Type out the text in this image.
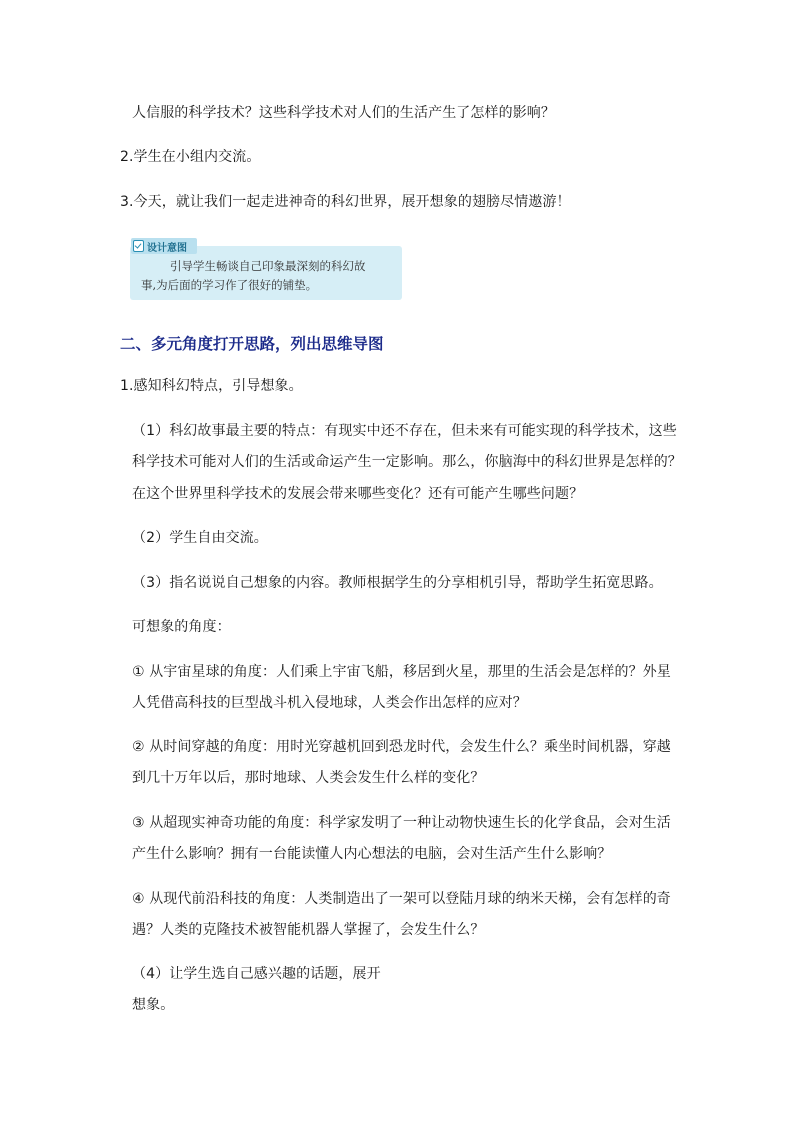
人信服的科学技术？这些科学技术对人们的生活产生了怎样的影响？
2.学生在小组内交流。
3.今天，就让我们一起走进神奇的科幻世界，展开想象的翅膀尽情遨游！
设计意图
引导学生畅谈自己印象最深刻的科幻故
事,为后面的学习作了很好的铺垫。
二、多元角度打开思路，列出思维导图
1.感知科幻特点，引导想象。
（1）科幻故事最主要的特点：有现实中还不存在，但未来有可能实现的科学技术，这些
科学技术可能对人们的生活或命运产生一定影响。那么，你脑海中的科幻世界是怎样的？
在这个世界里科学技术的发展会带来哪些变化？还有可能产生哪些问题？
（2）学生自由交流。
（3）指名说说自己想象的内容。教师根据学生的分享相机引导，帮助学生拓宽思路。
可想象的角度：
① 从宇宙星球的角度：人们乘上宇宙飞船，移居到火星，那里的生活会是怎样的？外星
人凭借高科技的巨型战斗机入侵地球，人类会作出怎样的应对？
② 从时间穿越的角度：用时光穿越机回到恐龙时代，会发生什么？乘坐时间机器，穿越
到几十万年以后，那时地球、人类会发生什么样的变化？
③ 从超现实神奇功能的角度：科学家发明了一种让动物快速生长的化学食品，会对生活
产生什么影响？拥有一台能读懂人内心想法的电脑，会对生活产生什么影响？
④ 从现代前沿科技的角度：人类制造出了一架可以登陆月球的纳米天梯，会有怎样的奇
遇？人类的克隆技术被智能机器人掌握了，会发生什么？
（4）让学生选自己感兴趣的话题，展开
想象。
